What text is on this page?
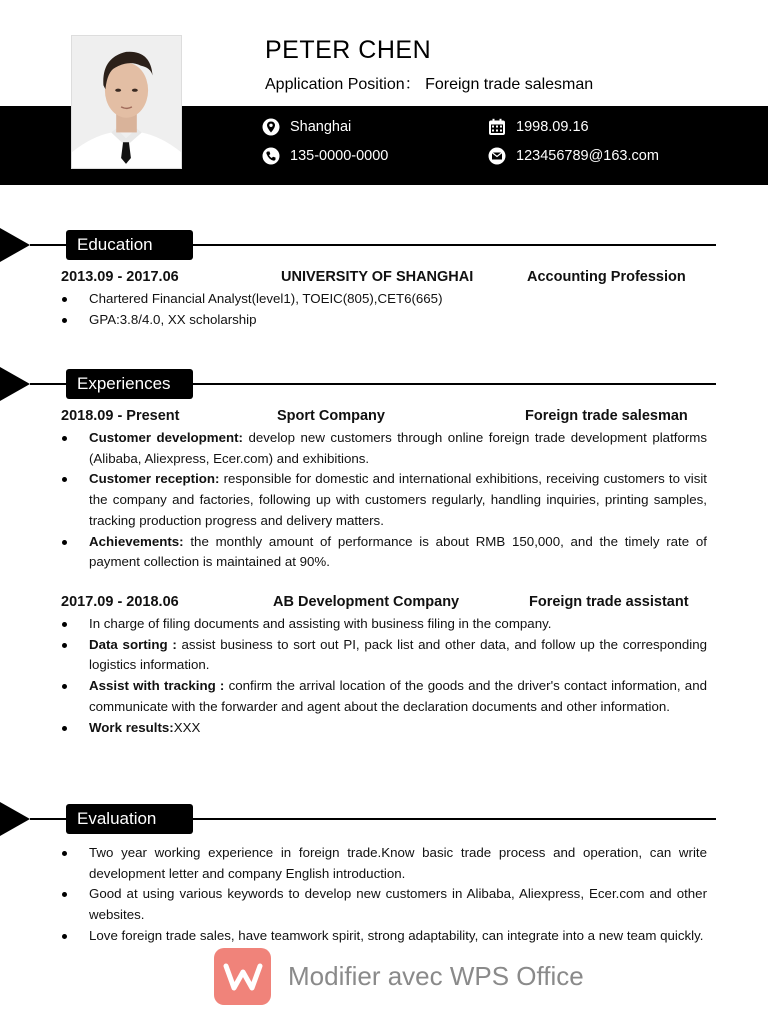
PETER CHEN
Application Position： Foreign trade salesman
Shanghai	1998.09.16
135-0000-0000	123456789@163.com
Education
2013.09 - 2017.06	UNIVERSITY OF SHANGHAI	Accounting Profession
Chartered Financial Analyst(level1), TOEIC(805),CET6(665)
GPA:3.8/4.0, XX scholarship
Experiences
2018.09 - Present	Sport Company	Foreign trade salesman
Customer development: develop new customers through online foreign trade development platforms (Alibaba, Aliexpress, Ecer.com) and exhibitions.
Customer reception: responsible for domestic and international exhibitions, receiving customers to visit the company and factories, following up with customers regularly, handling inquiries, printing samples, tracking production progress and delivery matters.
Achievements: the monthly amount of performance is about RMB 150,000, and the timely rate of payment collection is maintained at 90%.
2017.09 - 2018.06	AB Development Company	Foreign trade assistant
In charge of filing documents and assisting with business filing in the company.
Data sorting : assist business to sort out PI, pack list and other data, and follow up the corresponding logistics information.
Assist with tracking : confirm the arrival location of the goods and the driver's contact information, and communicate with the forwarder and agent about the declaration documents and other information.
Work results:XXX
Evaluation
Two year working experience in foreign trade.Know basic trade process and operation, can write development letter and company English introduction.
Good at using various keywords to develop new customers in Alibaba, Aliexpress, Ecer.com and other websites.
Love foreign trade sales, have teamwork spirit, strong adaptability, can integrate into a new team quickly.
Modifier avec WPS Office
